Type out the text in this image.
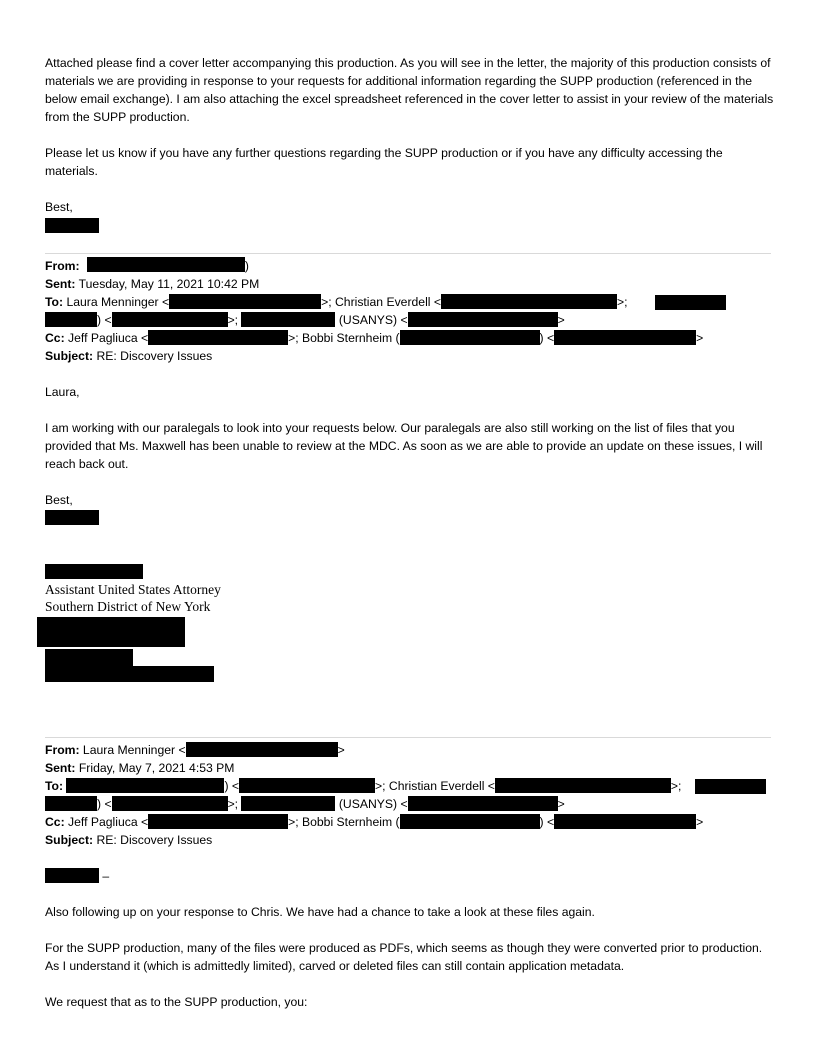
Attached please find a cover letter accompanying this production. As you will see in the letter, the majority of this production consists of materials we are providing in response to your requests for additional information regarding the SUPP production (referenced in the below email exchange). I am also attaching the excel spreadsheet referenced in the cover letter to assist in your review of the materials from the SUPP production.
Please let us know if you have any further questions regarding the SUPP production or if you have any difficulty accessing the materials.
Best,
From:	)
Sent: Tuesday, May 11, 2021 10:42 PM
To: Laura Menninger <	>; Christian Everdell <	>;
) <	>;	(USANYS) <	>
Cc: Jeff Pagliuca <	>; Bobbi Sternheim (	) <	>
Subject: RE: Discovery Issues
Laura,
I am working with our paralegals to look into your requests below. Our paralegals are also still working on the list of files that you provided that Ms. Maxwell has been unable to review at the MDC. As soon as we are able to provide an update on these issues, I will reach back out.
Best,
Assistant United States Attorney
Southern District of New York
From: Laura Menninger <	>
Sent: Friday, May 7, 2021 4:53 PM
To:	) <	>; Christian Everdell <	>;
) <	>;	(USANYS) <	>
Cc: Jeff Pagliuca <	>; Bobbi Sternheim (	) <	>
Subject: RE: Discovery Issues
–
Also following up on your response to Chris. We have had a chance to take a look at these files again.
For the SUPP production, many of the files were produced as PDFs, which seems as though they were converted prior to production. As I understand it (which is admittedly limited), carved or deleted files can still contain application metadata.
We request that as to the SUPP production, you:
